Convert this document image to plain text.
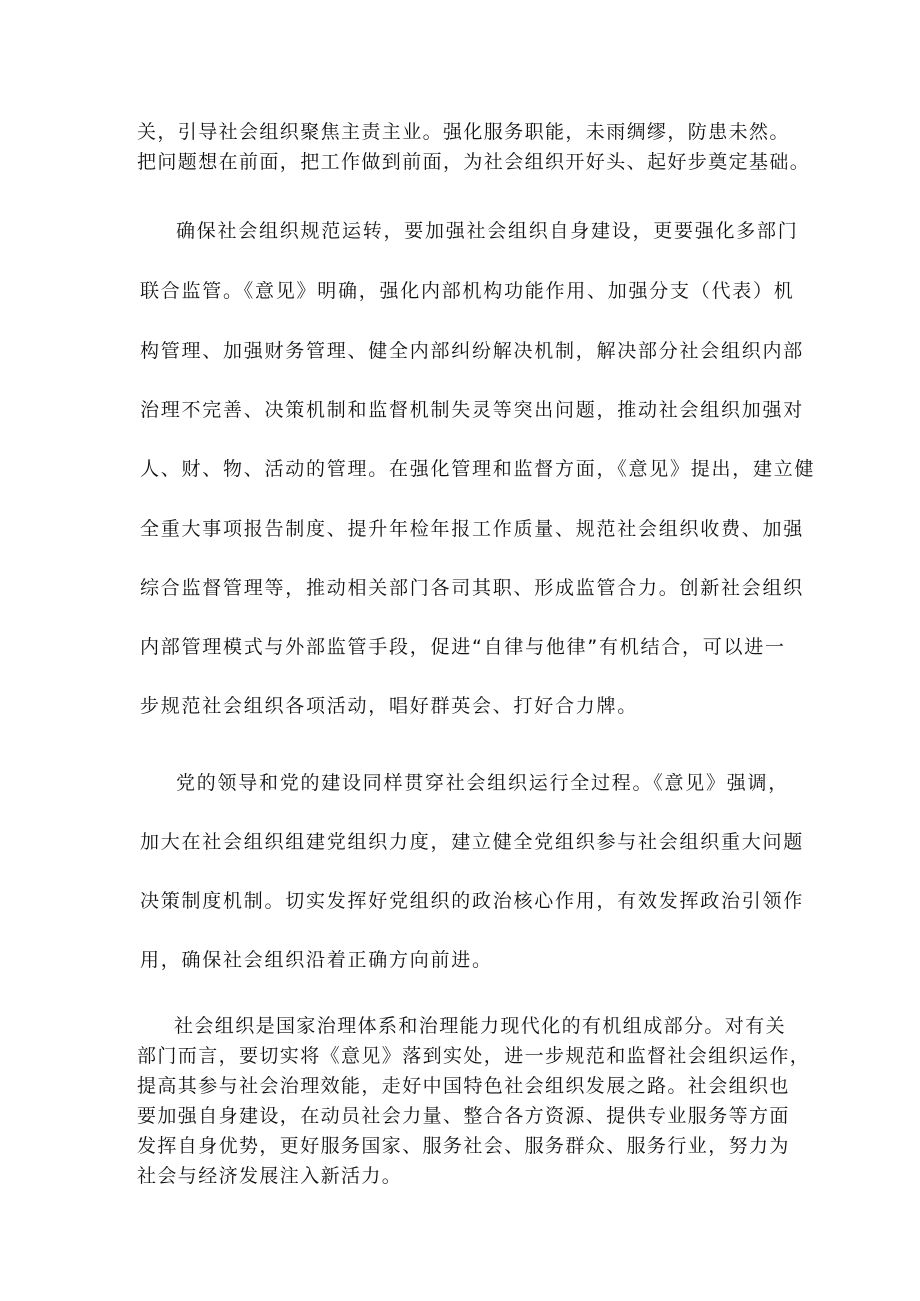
关，引导社会组织聚焦主责主业。强化服务职能，未雨绸缪，防患未然。

把问题想在前面，把工作做到前面，为社会组织开好头、起好步奠定基础。

确保社会组织规范运转，要加强社会组织自身建设，更要强化多部门

联合监管。《意见》明确，强化内部机构功能作用、加强分支（代表）机

构管理、加强财务管理、健全内部纠纷解决机制，解决部分社会组织内部

治理不完善、决策机制和监督机制失灵等突出问题，推动社会组织加强对

人、财、物、活动的管理。在强化管理和监督方面，《意见》提出，建立健

全重大事项报告制度、提升年检年报工作质量、规范社会组织收费、加强

综合监督管理等，推动相关部门各司其职、形成监管合力。创新社会组织

内部管理模式与外部监管手段，促进“自律与他律”有机结合，可以进一

步规范社会组织各项活动，唱好群英会、打好合力牌。

党的领导和党的建设同样贯穿社会组织运行全过程。《意见》强调，

加大在社会组织组建党组织力度，建立健全党组织参与社会组织重大问题

决策制度机制。切实发挥好党组织的政治核心作用，有效发挥政治引领作

用，确保社会组织沿着正确方向前进。

社会组织是国家治理体系和治理能力现代化的有机组成部分。对有关

部门而言，要切实将《意见》落到实处，进一步规范和监督社会组织运作，

提高其参与社会治理效能，走好中国特色社会组织发展之路。社会组织也

要加强自身建设，在动员社会力量、整合各方资源、提供专业服务等方面

发挥自身优势，更好服务国家、服务社会、服务群众、服务行业，努力为

社会与经济发展注入新活力。
